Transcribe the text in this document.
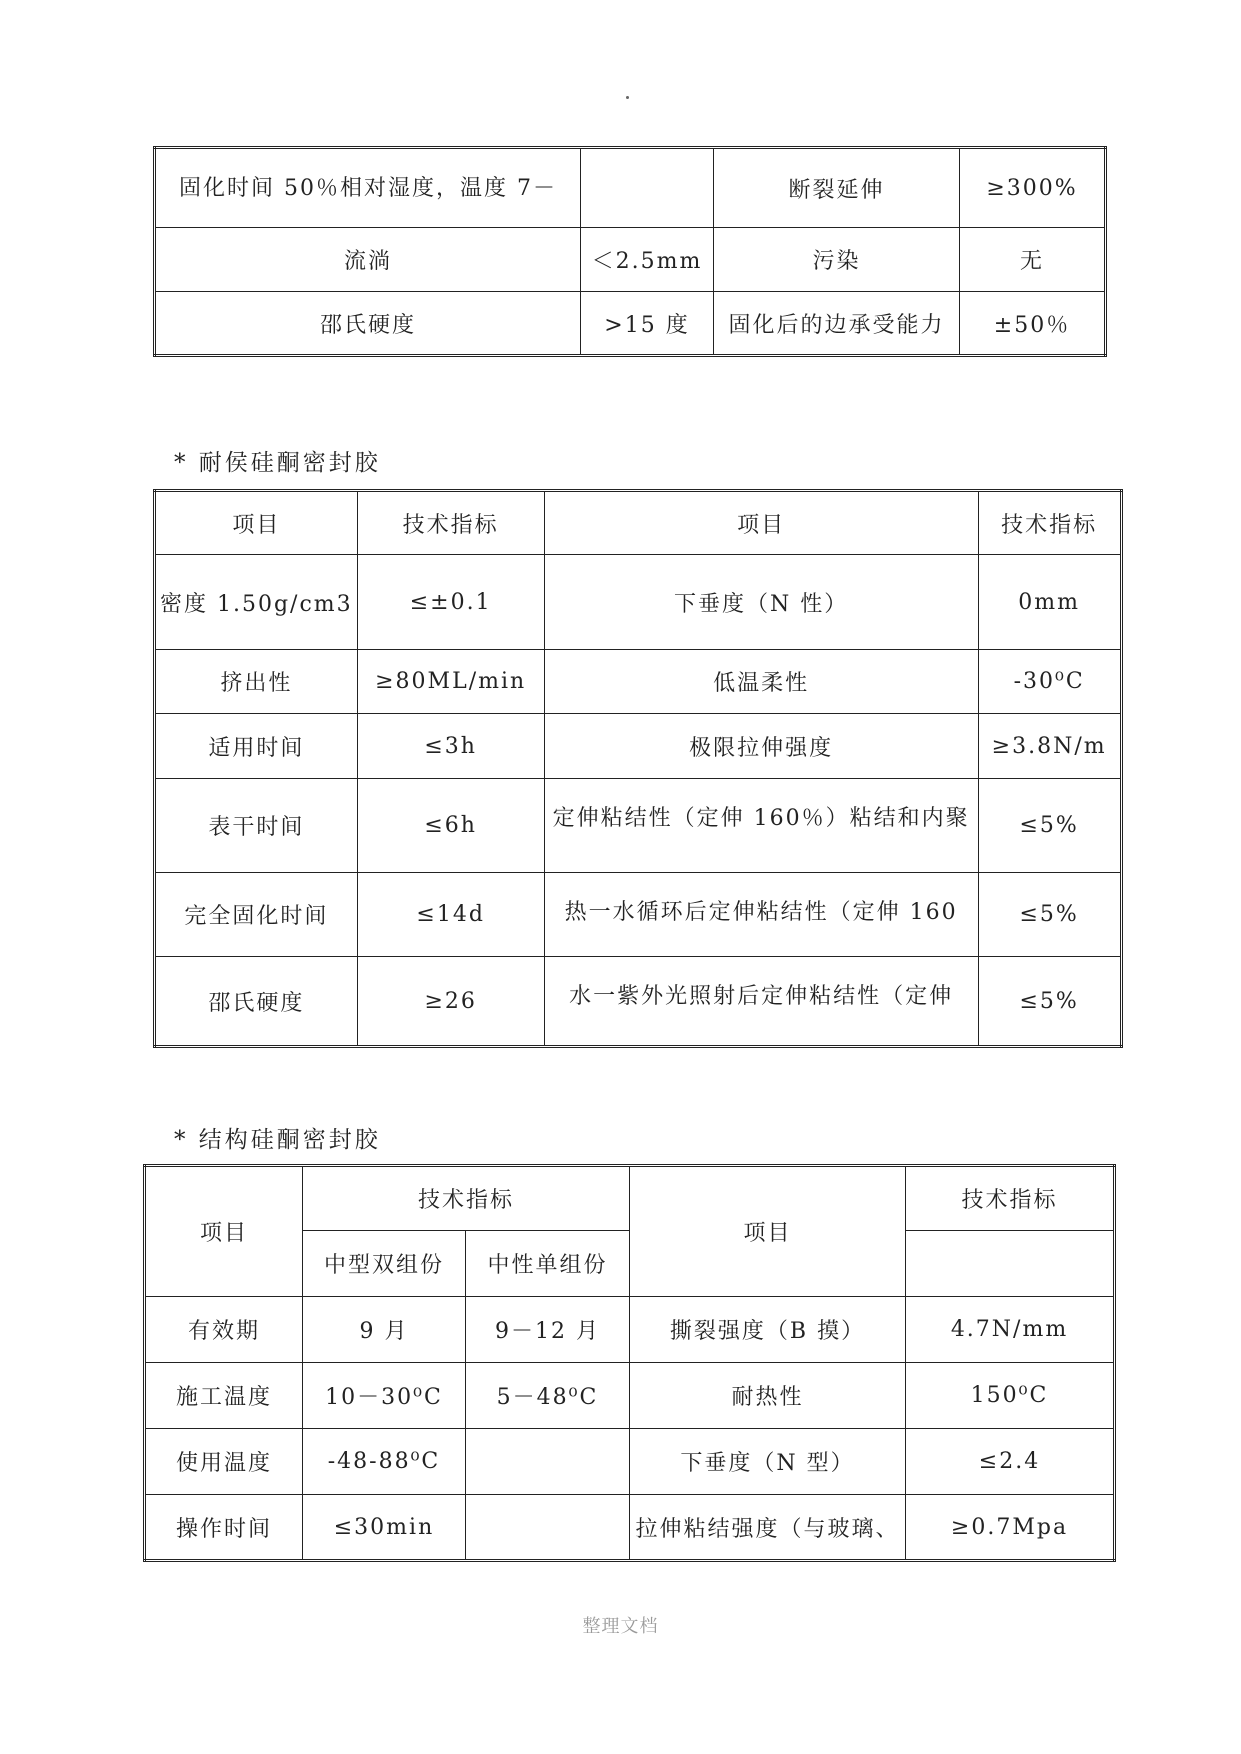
固化时间 50％相对湿度，温度 7－		断裂延伸	≥300%
流淌	＜2.5mm	污染	无
邵氏硬度	>15 度	固化后的边承受能力	±50％
* 耐侯硅酮密封胶
项目	技术指标	项目	技术指标
密度 1.50g/cm3	≤±0.1	下垂度（N 性）	0mm
挤出性	≥80ML/min	低温柔性	-30⁰C
适用时间	≤3h	极限拉伸强度	≥3.8N/m
表干时间	≤6h	定伸粘结性（定伸 160％）粘结和内聚	≤5%
完全固化时间	≤14d	热一水循环后定伸粘结性（定伸 160	≤5%
邵氏硬度	≥26	水一紫外光照射后定伸粘结性（定伸	≤5%
* 结构硅酮密封胶
项目	技术指标		项目	技术指标
	中型双组份	中性单组份		
有效期	9 月	9－12 月	撕裂强度（B 摸）	4.7N/mm
施工温度	10－30⁰C	5－48⁰C	耐热性	150⁰C
使用温度	-48-88⁰C		下垂度（N 型）	≤2.4
操作时间	≤30min		拉伸粘结强度（与玻璃、	≥0.7Mpa
整理文档
